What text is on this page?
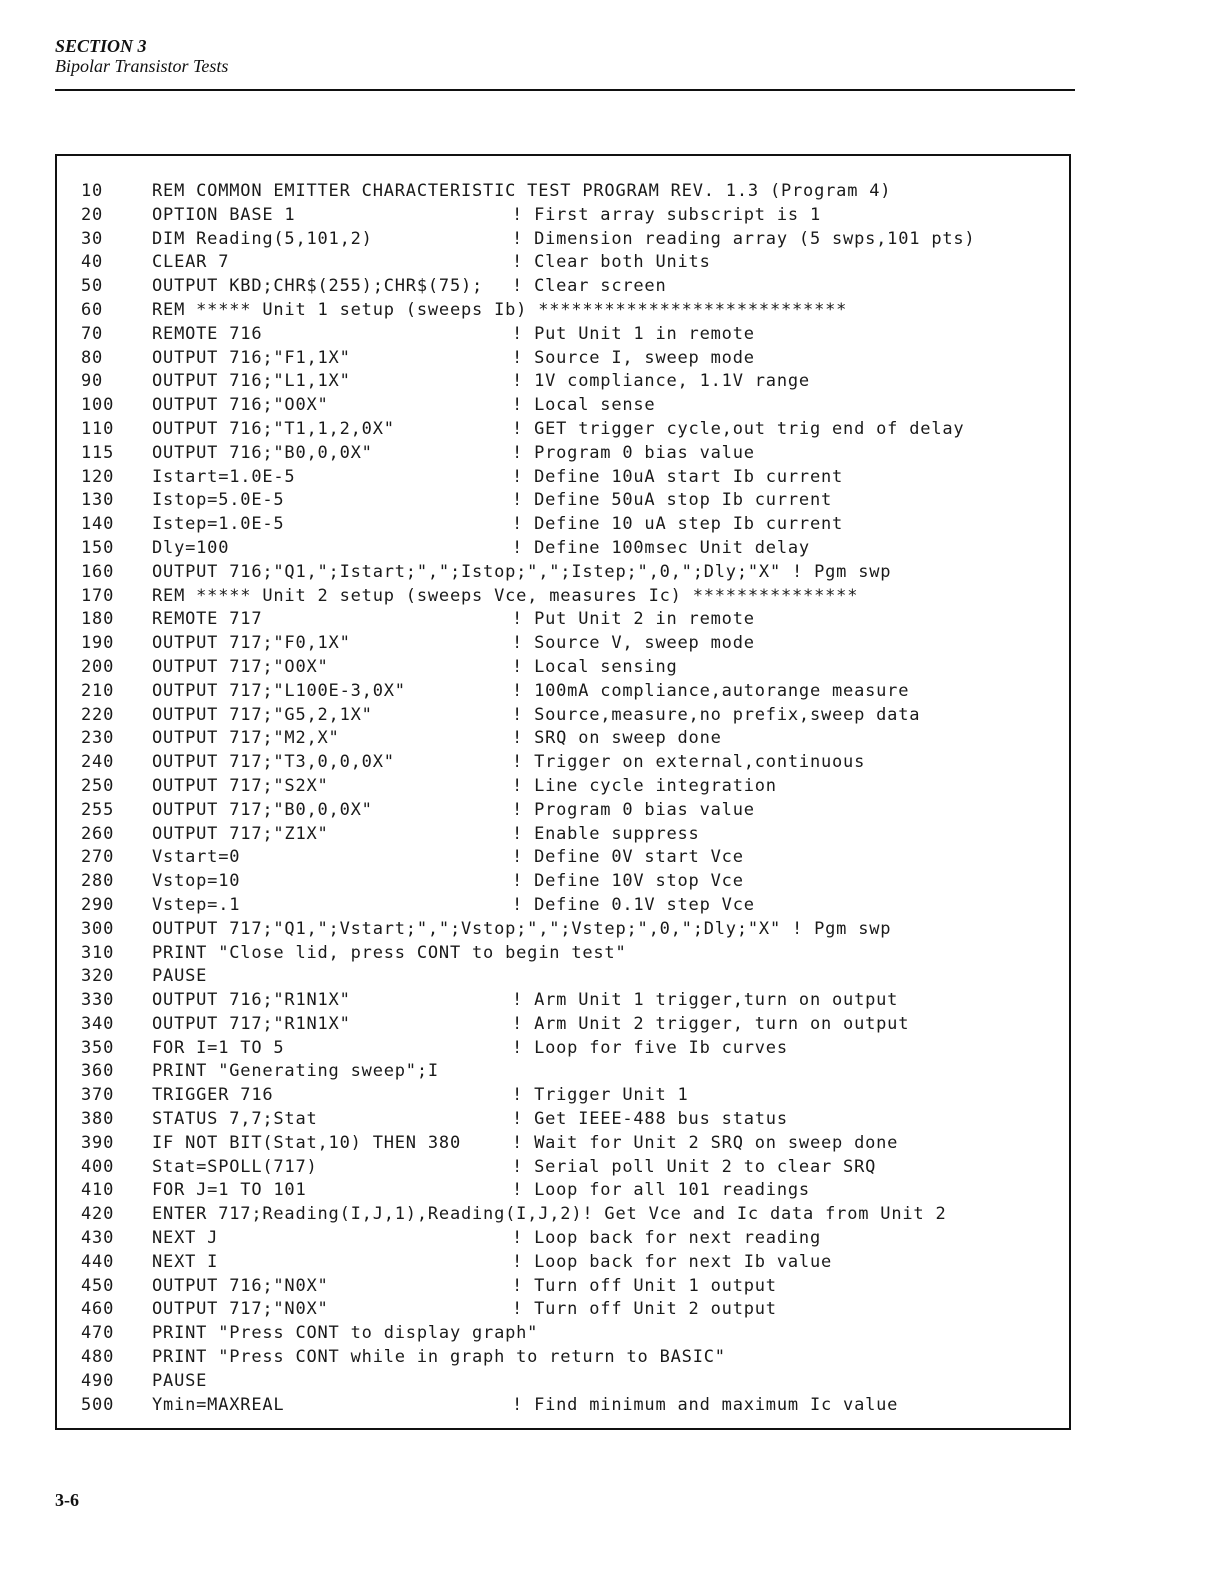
SECTION 3
Bipolar Transistor Tests
10	REM COMMON EMITTER CHARACTERISTIC TEST PROGRAM REV. 1.3 (Program 4)
20	OPTION BASE 1	! First array subscript is 1
30	DIM Reading(5,101,2)	! Dimension reading array (5 swps,101 pts)
40	CLEAR 7	! Clear both Units
50	OUTPUT KBD;CHR$(255);CHR$(75);	! Clear screen
60	REM ***** Unit 1 setup (sweeps Ib) ****************************
70	REMOTE 716	! Put Unit 1 in remote
80	OUTPUT 716;"F1,1X"	! Source I, sweep mode
90	OUTPUT 716;"L1,1X"	! 1V compliance, 1.1V range
100	OUTPUT 716;"O0X"	! Local sense
110	OUTPUT 716;"T1,1,2,0X"	! GET trigger cycle,out trig end of delay
115	OUTPUT 716;"B0,0,0X"	! Program 0 bias value
120	Istart=1.0E-5	! Define 10uA start Ib current
130	Istop=5.0E-5	! Define 50uA stop Ib current
140	Istep=1.0E-5	! Define 10 uA step Ib current
150	Dly=100	! Define 100msec Unit delay
160	OUTPUT 716;"Q1,";Istart;",";Istop;",";Istep;",0,";Dly;"X" ! Pgm swp
170	REM ***** Unit 2 setup (sweeps Vce, measures Ic) ***************
180	REMOTE 717	! Put Unit 2 in remote
190	OUTPUT 717;"F0,1X"	! Source V, sweep mode
200	OUTPUT 717;"O0X"	! Local sensing
210	OUTPUT 717;"L100E-3,0X"	! 100mA compliance,autorange measure
220	OUTPUT 717;"G5,2,1X"	! Source,measure,no prefix,sweep data
230	OUTPUT 717;"M2,X"	! SRQ on sweep done
240	OUTPUT 717;"T3,0,0,0X"	! Trigger on external,continuous
250	OUTPUT 717;"S2X"	! Line cycle integration
255	OUTPUT 717;"B0,0,0X"	! Program 0 bias value
260	OUTPUT 717;"Z1X"	! Enable suppress
270	Vstart=0	! Define 0V start Vce
280	Vstop=10	! Define 10V stop Vce
290	Vstep=.1	! Define 0.1V step Vce
300	OUTPUT 717;"Q1,";Vstart;",";Vstop;",";Vstep;",0,";Dly;"X" ! Pgm swp
310	PRINT "Close lid, press CONT to begin test"
320	PAUSE
330	OUTPUT 716;"R1N1X"	! Arm Unit 1 trigger,turn on output
340	OUTPUT 717;"R1N1X"	! Arm Unit 2 trigger, turn on output
350	FOR I=1 TO 5	! Loop for five Ib curves
360	PRINT "Generating sweep";I
370	TRIGGER 716	! Trigger Unit 1
380	STATUS 7,7;Stat	! Get IEEE-488 bus status
390	IF NOT BIT(Stat,10) THEN 380	! Wait for Unit 2 SRQ on sweep done
400	Stat=SPOLL(717)	! Serial poll Unit 2 to clear SRQ
410	FOR J=1 TO 101	! Loop for all 101 readings
420	ENTER 717;Reading(I,J,1),Reading(I,J,2)! Get Vce and Ic data from Unit 2
430	NEXT J	! Loop back for next reading
440	NEXT I	! Loop back for next Ib value
450	OUTPUT 716;"N0X"	! Turn off Unit 1 output
460	OUTPUT 717;"N0X"	! Turn off Unit 2 output
470	PRINT "Press CONT to display graph"
480	PRINT "Press CONT while in graph to return to BASIC"
490	PAUSE
500	Ymin=MAXREAL	! Find minimum and maximum Ic value
3-6
